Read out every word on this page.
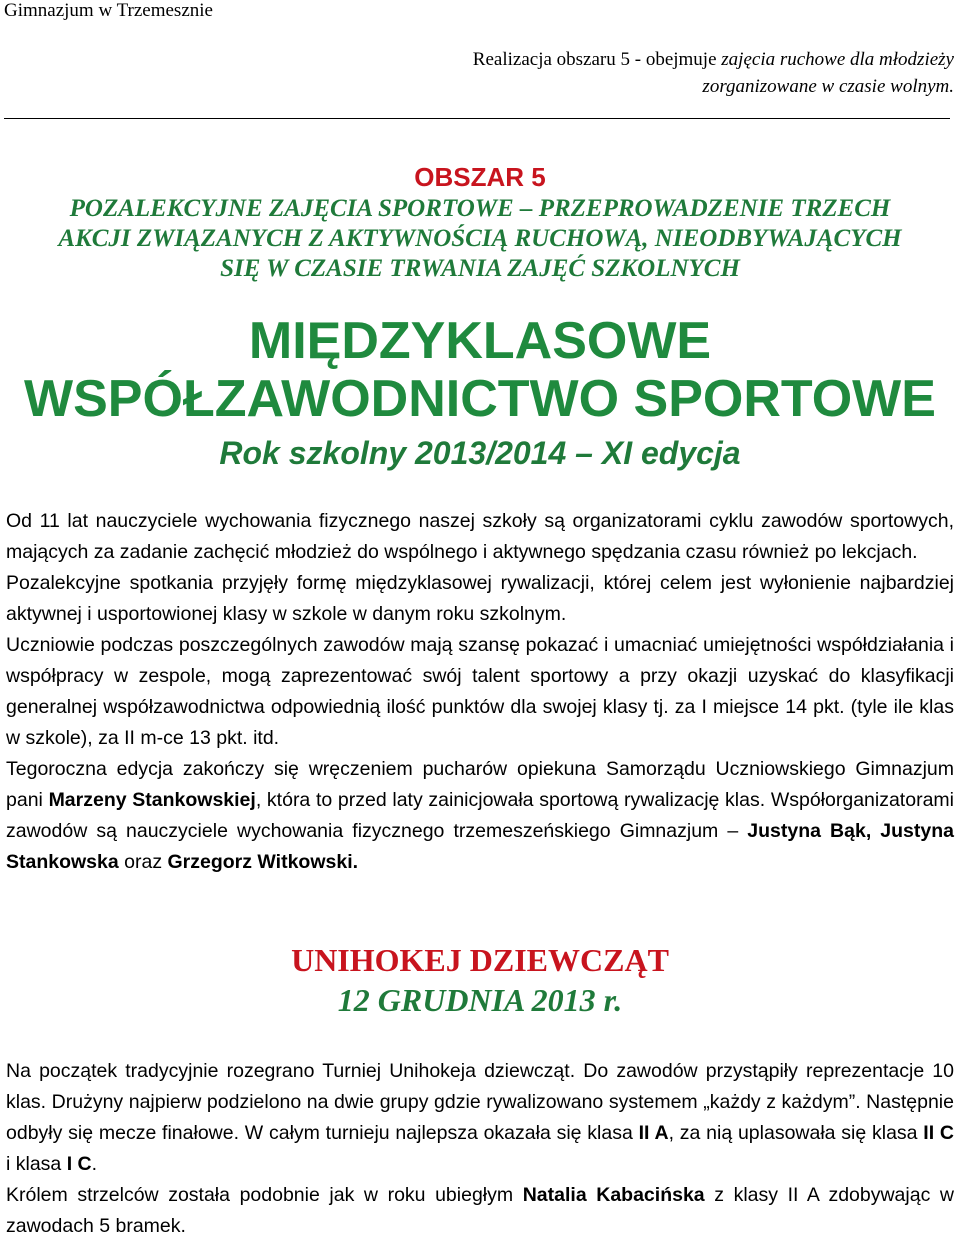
Gimnazjum w Trzemesznie
Realizacja obszaru 5 - obejmuje zajęcia ruchowe dla młodzieży
zorganizowane w czasie wolnym.
OBSZAR 5
POZALEKCYJNE ZAJĘCIA SPORTOWE – PRZEPROWADZENIE TRZECH
AKCJI ZWIĄZANYCH Z AKTYWNOŚCIĄ RUCHOWĄ, NIEODBYWAJĄCYCH
SIĘ W CZASIE TRWANIA ZAJĘĆ SZKOLNYCH
MIĘDZYKLASOWE
WSPÓŁZAWODNICTWO SPORTOWE
Rok szkolny 2013/2014 – XI edycja

Od 11 lat nauczyciele wychowania fizycznego naszej szkoły są organizatorami cyklu zawodów sportowych, mających za zadanie zachęcić młodzież do wspólnego i aktywnego spędzania czasu również po lekcjach.

Pozalekcyjne spotkania przyjęły formę międzyklasowej rywalizacji, której celem jest wyłonienie najbardziej aktywnej i usportowionej klasy w szkole w danym roku szkolnym.

Uczniowie podczas poszczególnych zawodów mają szansę pokazać i umacniać umiejętności współdziałania i współpracy w zespole, mogą zaprezentować swój talent sportowy a przy okazji uzyskać do klasyfikacji generalnej współzawodnictwa odpowiednią ilość punktów dla swojej klasy tj. za I miejsce 14 pkt. (tyle ile klas w szkole), za II m-ce 13 pkt. itd.

Tegoroczna edycja zakończy się wręczeniem pucharów opiekuna Samorządu Uczniowskiego Gimnazjum pani Marzeny Stankowskiej, która to przed laty zainicjowała sportową rywalizację klas. Współorganizatorami zawodów są nauczyciele wychowania fizycznego trzemeszeńskiego Gimnazjum – Justyna Bąk, Justyna Stankowska oraz Grzegorz Witkowski.

UNIHOKEJ DZIEWCZĄT
12 GRUDNIA 2013 r.

Na początek tradycyjnie rozegrano Turniej Unihokeja dziewcząt. Do zawodów przystąpiły reprezentacje 10 klas. Drużyny najpierw podzielono na dwie grupy gdzie rywalizowano systemem „każdy z każdym”. Następnie odbyły się mecze finałowe. W całym turnieju najlepsza okazała się klasa II A, za nią uplasowała się klasa II C i klasa I C.

Królem strzelców została podobnie jak w roku ubiegłym Natalia Kabacińska z klasy II A zdobywając w zawodach 5 bramek.
